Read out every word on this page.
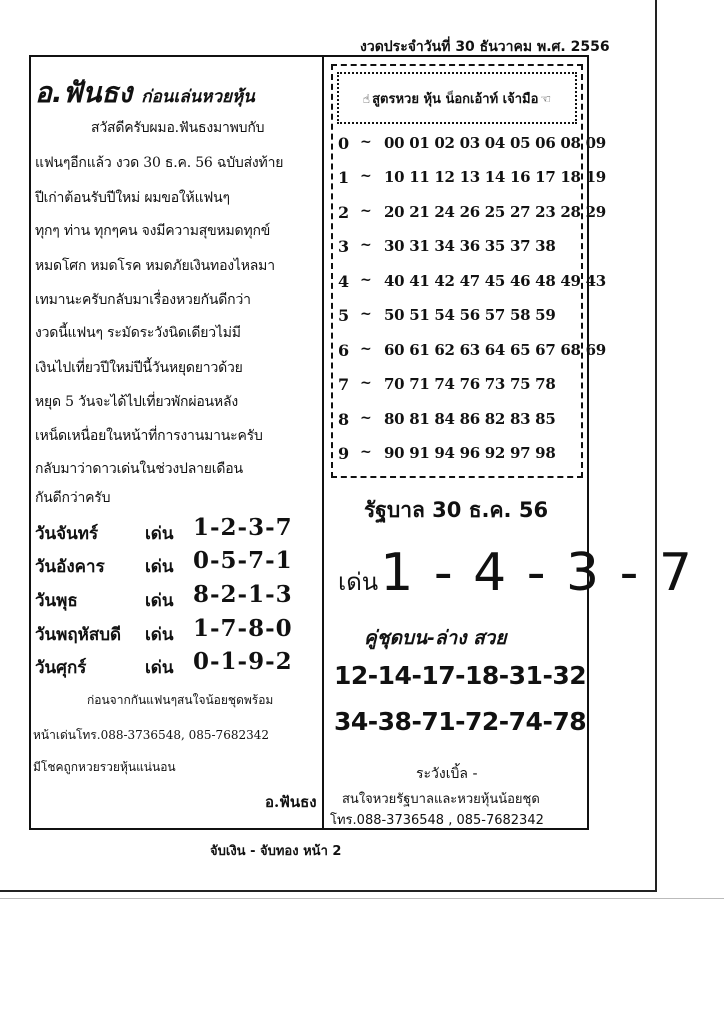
งวดประจำวันที่ 30 ธันวาคม พ.ศ. 2556
อ.ฟันธง ก่อนเล่นหวยหุ้น
สวัสดีครับผมอ.ฟันธงมาพบกับ
แฟนๆอีกแล้ว งวด 30 ธ.ค. 56 ฉบับส่งท้าย
ปีเก่าต้อนรับปีใหม่ ผมขอให้แฟนๆ
ทุกๆ ท่าน ทุกๆคน จงมีความสุขหมดทุกข์
หมดโศก หมดโรค หมดภัยเงินทองไหลมา
เทมานะครับกลับมาเรื่องหวยกันดีกว่า
งวดนี้แฟนๆ ระมัดระวังนิดเดียวไม่มี
เงินไปเที่ยวปีใหม่ปีนี้วันหยุดยาวด้วย
หยุด 5 วันจะได้ไปเที่ยวพักผ่อนหลัง
เหน็ดเหนื่อยในหน้าที่การงานมานะครับ
กลับมาว่าดาวเด่นในช่วงปลายเดือน
กันดีกว่าครับ
วันจันทร์	เด่น 1-2-3-7
วันอังคาร เด่น 0-5-7-1
วันพุธ	เด่น 8-2-1-3
วันพฤหัสบดี เด่น 1-7-8-0
วันศุกร์	เด่น 0-1-9-2
ก่อนจากกันแฟนๆสนใจน้อยชุดพร้อม
หน้าเด่นโทร.088-3736548, 085-7682342
มีโชคถูกหวยรวยหุ้นแน่นอน
อ.ฟันธง
☝ สูตรหวย หุ้น น็อกเอ้าท์ เจ้ามือ ☜
0 ~ 00 01 02 03 04 05 06 08 09
1 ~ 10 11 12 13 14 16 17 18 19
2 ~ 20 21 24 26 25 27 23 28 29
3 ~ 30 31 34 36 35 37 38
4 ~ 40 41 42 47 45 46 48 49 43
5 ~ 50 51 54 56 57 58 59
6 ~ 60 61 62 63 64 65 67 68 69
7 ~ 70 71 74 76 73 75 78
8 ~ 80 81 84 86 82 83 85
9 ~ 90 91 94 96 92 97 98
รัฐบาล 30 ธ.ค. 56
เด่น1 - 4 - 3 - 7
คู่ชุดบน-ล่าง สวย
12-14-17-18-31-32
34-38-71-72-74-78
ระวังเบิ้ล -
สนใจหวยรัฐบาลและหวยหุ้นน้อยชุด
โทร.088-3736548 , 085-7682342
จับเงิน - จับทอง หน้า 2
